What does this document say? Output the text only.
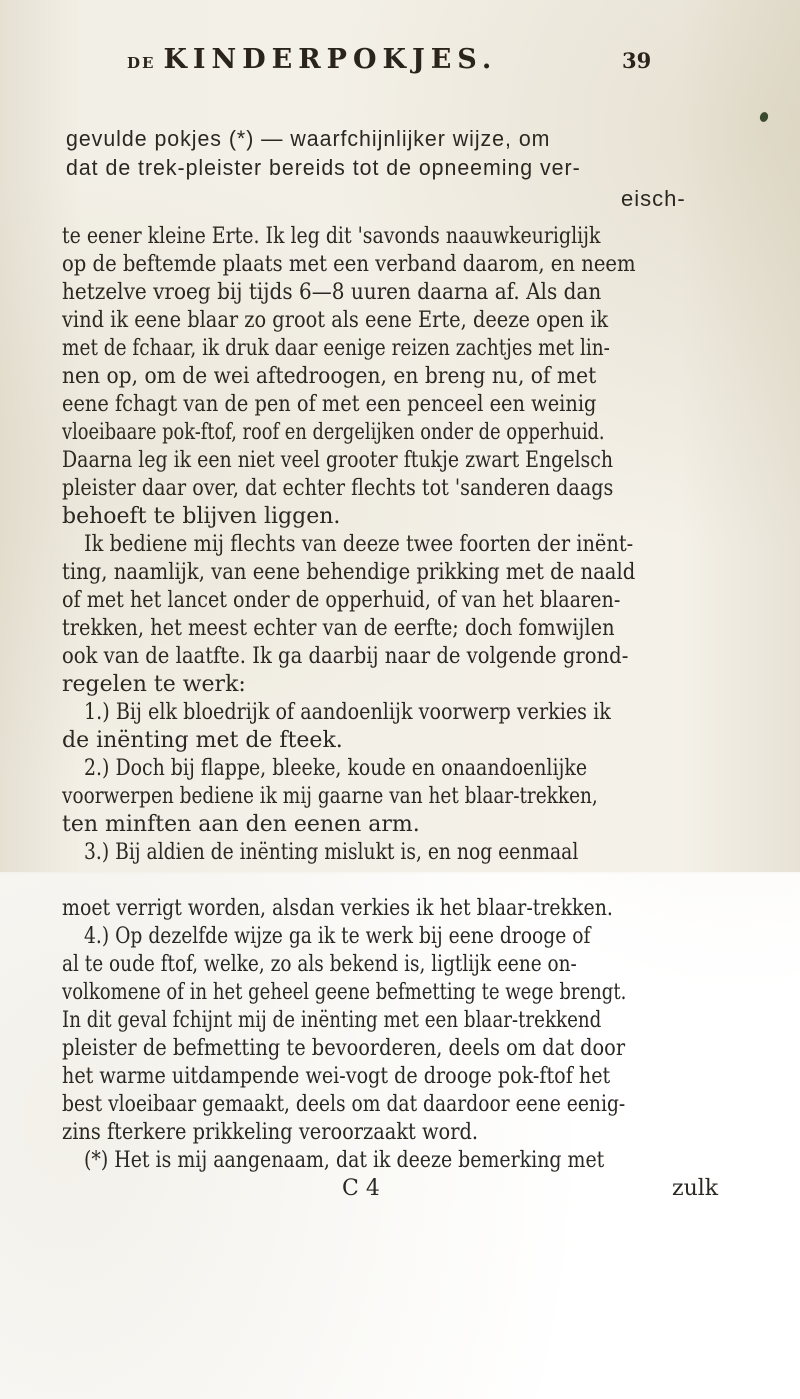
DE KINDERPOKJES.	39
gevulde pokjes (*) — waarfchijnlijker wijze, om
dat de trek-pleister bereids tot de opneeming ver-
eisch-
te eener kleine Erte. Ik leg dit 'savonds naauwkeuriglijk
op de beftemde plaats met een verband daarom, en neem
hetzelve vroeg bij tijds 6—8 uuren daarna af. Als dan
vind ik eene blaar zo groot als eene Erte, deeze open ik
met de fchaar, ik druk daar eenige reizen zachtjes met lin-
nen op, om de wei aftedroogen, en breng nu, of met
eene fchagt van de pen of met een penceel een weinig
vloeibaare pok-ftof, roof en dergelijken onder de opperhuid.
Daarna leg ik een niet veel grooter ftukje zwart Engelsch
pleister daar over, dat echter flechts tot 'sanderen daags
behoeft te blijven liggen.
Ik bediene mij flechts van deeze twee foorten der inënt-
ting, naamlijk, van eene behendige prikking met de naald
of met het lancet onder de opperhuid, of van het blaaren-
trekken, het meest echter van de eerfte; doch fomwijlen
ook van de laatfte. Ik ga daarbij naar de volgende grond-
regelen te werk:
1.) Bij elk bloedrijk of aandoenlijk voorwerp verkies ik
de inënting met de fteek.
2.) Doch bij flappe, bleeke, koude en onaandoenlijke
voorwerpen bediene ik mij gaarne van het blaar-trekken,
ten minften aan den eenen arm.
3.) Bij aldien de inënting mislukt is, en nog eenmaal
moet verrigt worden, alsdan verkies ik het blaar-trekken.
4.) Op dezelfde wijze ga ik te werk bij eene drooge of
al te oude ftof, welke, zo als bekend is, ligtlijk eene on-
volkomene of in het geheel geene befmetting te wege brengt.
In dit geval fchijnt mij de inënting met een blaar-trekkend
pleister de befmetting te bevoorderen, deels om dat door
het warme uitdampende wei-vogt de drooge pok-ftof het
best vloeibaar gemaakt, deels om dat daardoor eene eenig-
zins fterkere prikkeling veroorzaakt word.
(*) Het is mij aangenaam, dat ik deeze bemerking met
C 4	zulk
